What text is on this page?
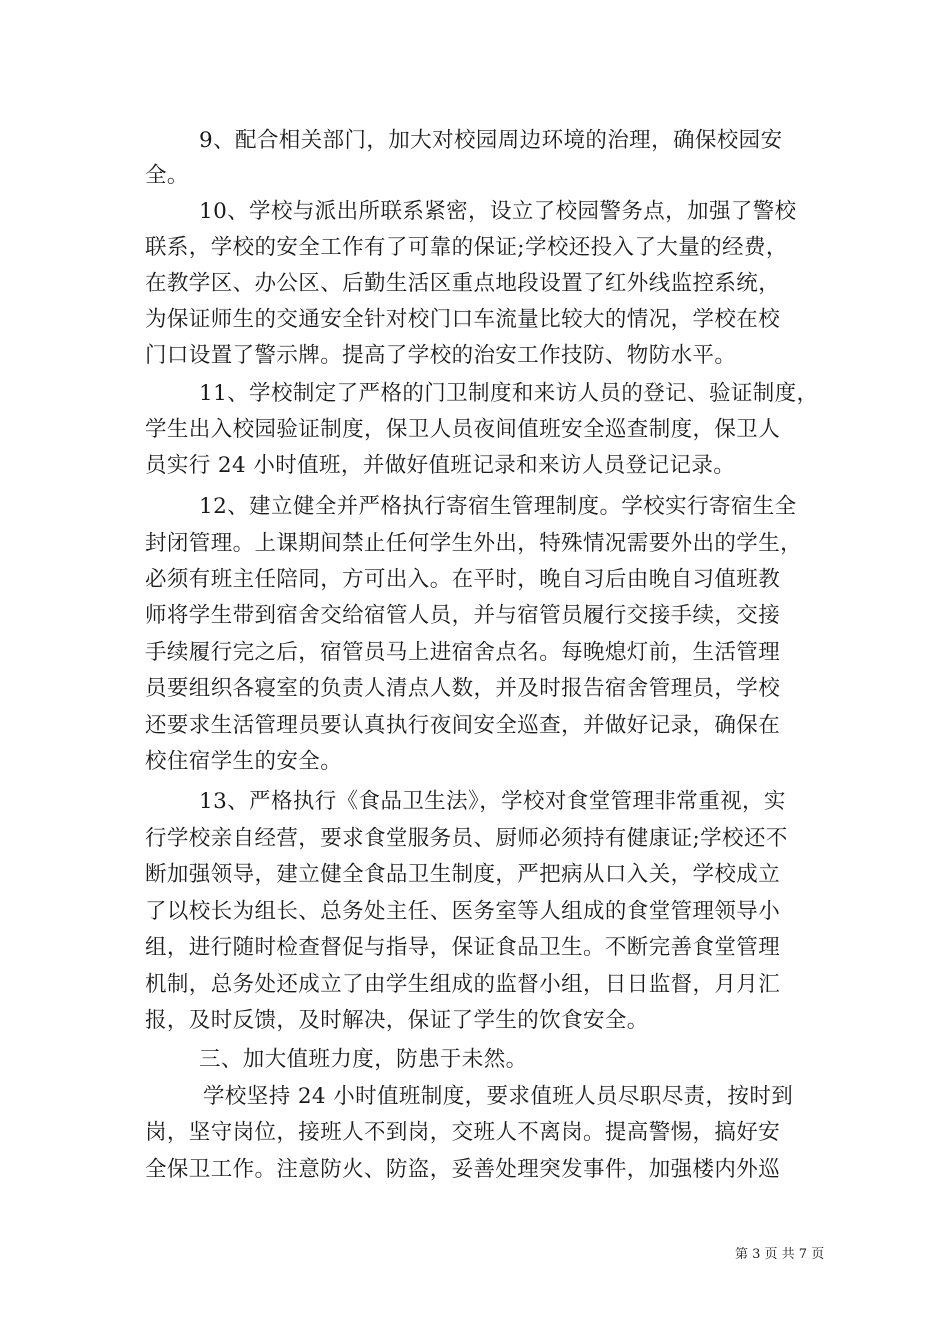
9、配合相关部门，加大对校园周边环境的治理，确保校园安
全。
10、学校与派出所联系紧密，设立了校园警务点，加强了警校
联系，学校的安全工作有了可靠的保证;学校还投入了大量的经费，
在教学区、办公区、后勤生活区重点地段设置了红外线监控系统，
为保证师生的交通安全针对校门口车流量比较大的情况，学校在校
门口设置了警示牌。提高了学校的治安工作技防、物防水平。
11、学校制定了严格的门卫制度和来访人员的登记、验证制度，
学生出入校园验证制度，保卫人员夜间值班安全巡查制度，保卫人
员实行 24 小时值班，并做好值班记录和来访人员登记记录。
12、建立健全并严格执行寄宿生管理制度。学校实行寄宿生全
封闭管理。上课期间禁止任何学生外出，特殊情况需要外出的学生，
必须有班主任陪同，方可出入。在平时，晚自习后由晚自习值班教
师将学生带到宿舍交给宿管人员，并与宿管员履行交接手续，交接
手续履行完之后，宿管员马上进宿舍点名。每晚熄灯前，生活管理
员要组织各寝室的负责人清点人数，并及时报告宿舍管理员，学校
还要求生活管理员要认真执行夜间安全巡查，并做好记录，确保在
校住宿学生的安全。
13、严格执行《食品卫生法》，学校对食堂管理非常重视，实
行学校亲自经营，要求食堂服务员、厨师必须持有健康证;学校还不
断加强领导，建立健全食品卫生制度，严把病从口入关，学校成立
了以校长为组长、总务处主任、医务室等人组成的食堂管理领导小
组，进行随时检查督促与指导，保证食品卫生。不断完善食堂管理
机制，总务处还成立了由学生组成的监督小组，日日监督，月月汇
报，及时反馈，及时解决，保证了学生的饮食安全。
三、加大值班力度，防患于未然。
学校坚持 24 小时值班制度，要求值班人员尽职尽责，按时到
岗，坚守岗位，接班人不到岗，交班人不离岗。提高警惕，搞好安
全保卫工作。注意防火、防盗，妥善处理突发事件，加强楼内外巡
第 3 页 共 7 页
